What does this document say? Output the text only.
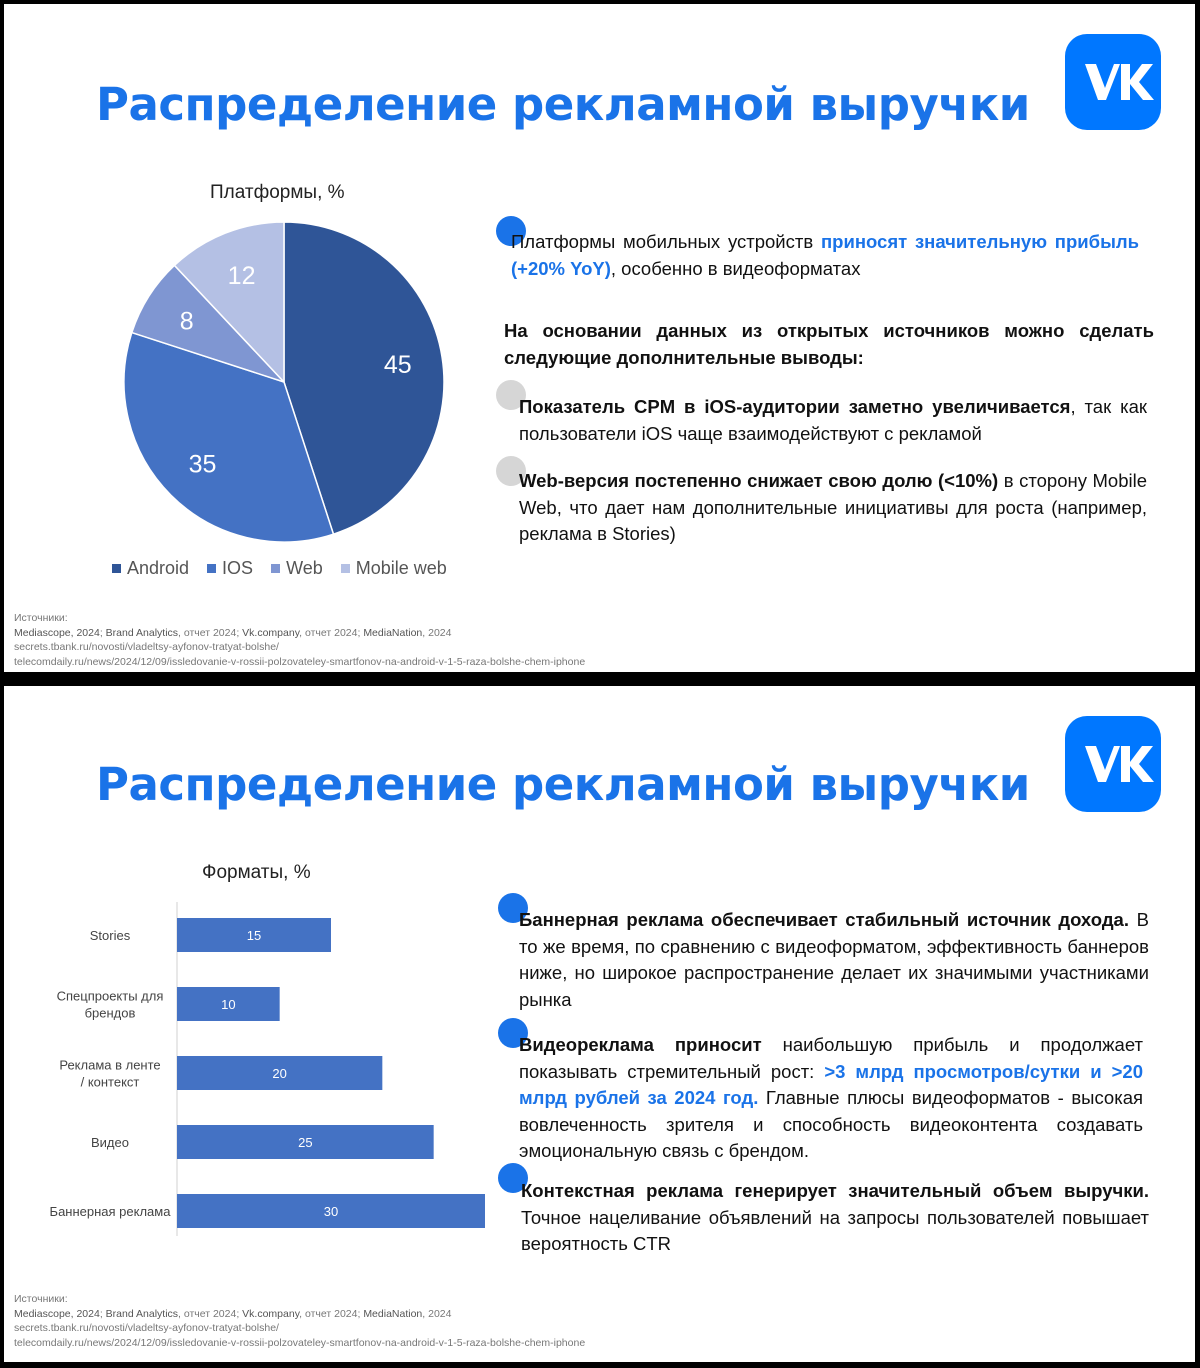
Распределение рекламной выручки
Платформы, %
45
35
8
12
Android IOS Web Mobile web

Платформы мобильных устройств приносят значительную прибыль (+20% YoY), особенно в видеоформатах

На основании данных из открытых источников можно сделать следующие дополнительные выводы:

Показатель CPM в iOS-аудитории заметно увеличивается, так как пользователи iOS чаще взаимодействуют с рекламой

Web-версия постепенно снижает свою долю (<10%) в сторону Mobile Web, что дает нам дополнительные инициативы для роста (например, реклама в Stories)

Источники:
Mediascope, 2024; Brand Analytics, отчет 2024; Vk.company, отчет 2024; MediaNation, 2024
secrets.tbank.ru/novosti/vladeltsy-ayfonov-tratyat-bolshe/
telecomdaily.ru/news/2024/12/09/issledovanie-v-rossii-polzovateley-smartfonov-na-android-v-1-5-raza-bolshe-chem-iphone
Распределение рекламной выручки
Форматы, %
15
Stories
10
Спецпроекты для брендов
20
Реклама в ленте / контекст
25
Видео
30
Баннерная реклама

Баннерная реклама обеспечивает стабильный источник дохода. В то же время, по сравнению с видеоформатом, эффективность баннеров ниже, но широкое распространение делает их значимыми участниками рынка

Видеореклама приносит наибольшую прибыль и продолжает показывать стремительный рост: >3 млрд просмотров/сутки и >20 млрд рублей за 2024 год. Главные плюсы видеоформатов - высокая вовлеченность зрителя и способность видеоконтента создавать эмоциональную связь с брендом.

Контекстная реклама генерирует значительный объем выручки. Точное нацеливание объявлений на запросы пользователей повышает вероятность CTR

Источники:
Mediascope, 2024; Brand Analytics, отчет 2024; Vk.company, отчет 2024; MediaNation, 2024
secrets.tbank.ru/novosti/vladeltsy-ayfonov-tratyat-bolshe/
telecomdaily.ru/news/2024/12/09/issledovanie-v-rossii-polzovateley-smartfonov-na-android-v-1-5-raza-bolshe-chem-iphone
